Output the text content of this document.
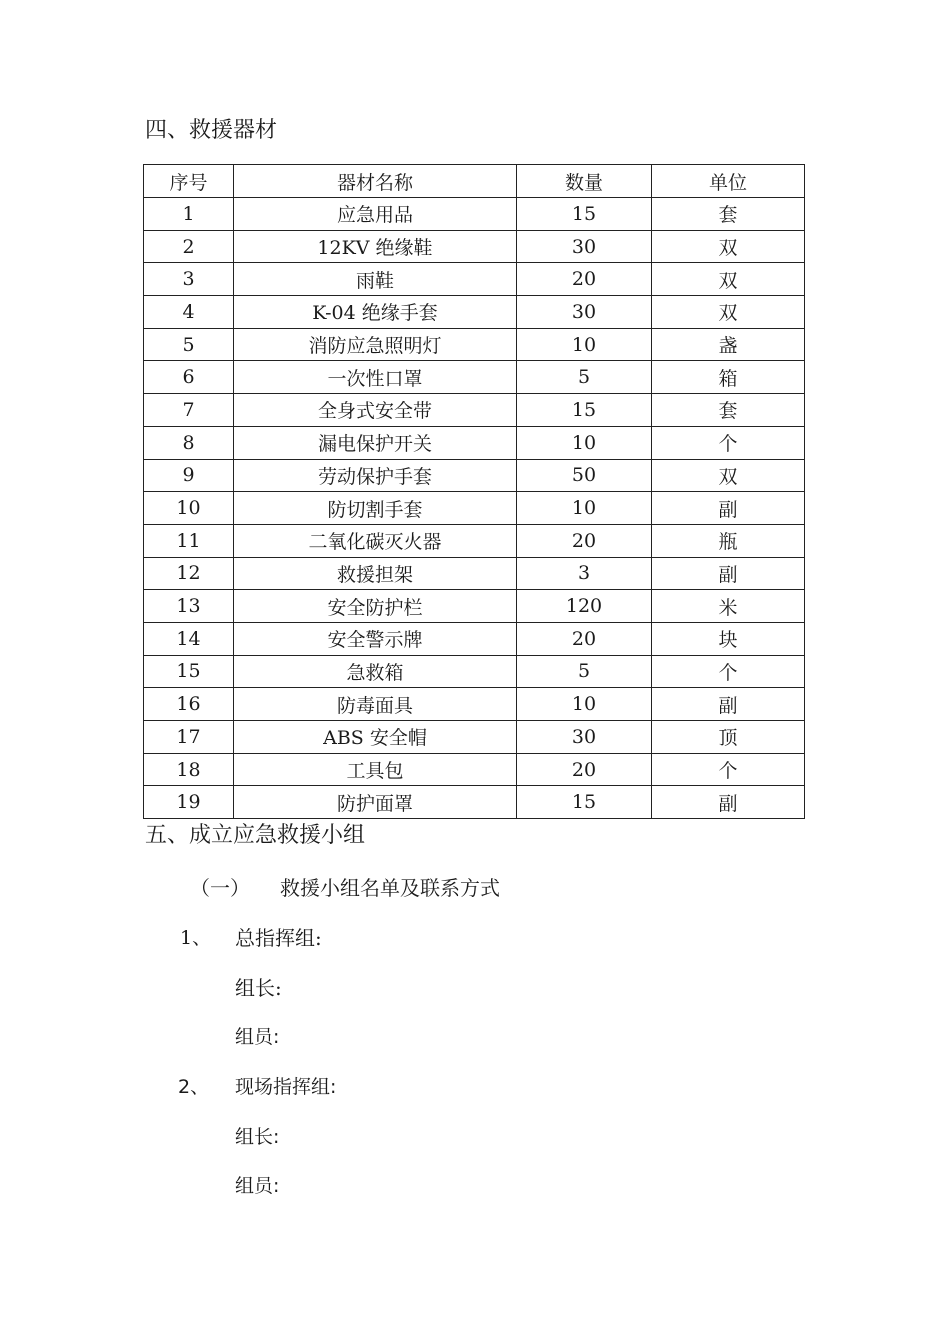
四、救援器材
序号	器材名称	数量	单位
1	应急用品	15	套
2	12KV 绝缘鞋	30	双
3	雨鞋	20	双
4	K-04 绝缘手套	30	双
5	消防应急照明灯	10	盏
6	一次性口罩	5	箱
7	全身式安全带	15	套
8	漏电保护开关	10	个
9	劳动保护手套	50	双
10	防切割手套	10	副
11	二氧化碳灭火器	20	瓶
12	救援担架	3	副
13	安全防护栏	120	米
14	安全警示牌	20	块
15	急救箱	5	个
16	防毒面具	10	副
17	ABS 安全帽	30	顶
18	工具包	20	个
19	防护面罩	15	副
五、成立应急救援小组
（一） 救援小组名单及联系方式
1、 总指挥组:
组长:
组员:
2、 现场指挥组:
组长:
组员:
